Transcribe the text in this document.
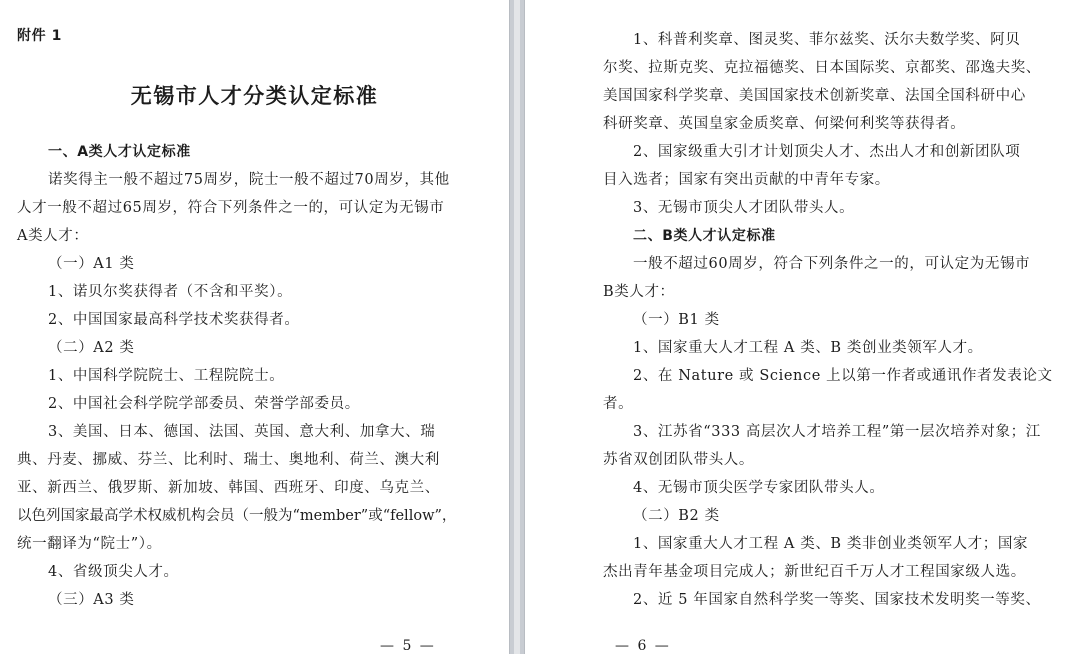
附件 1
无锡市人才分类认定标准
一、A类人才认定标准
诺奖得主一般不超过75周岁，院士一般不超过70周岁，其他
人才一般不超过65周岁，符合下列条件之一的，可认定为无锡市
A类人才：
（一）A1 类
1、诺贝尔奖获得者（不含和平奖）。
2、中国国家最高科学技术奖获得者。
（二）A2 类
1、中国科学院院士、工程院院士。
2、中国社会科学院学部委员、荣誉学部委员。
3、美国、日本、德国、法国、英国、意大利、加拿大、瑞
典、丹麦、挪威、芬兰、比利时、瑞士、奥地利、荷兰、澳大利
亚、新西兰、俄罗斯、新加坡、韩国、西班牙、印度、乌克兰、
以色列国家最高学术权威机构会员（一般为“member”或“fellow”，
统一翻译为“院士”）。
4、省级顶尖人才。
（三）A3 类
— 5 —
1、科普利奖章、图灵奖、菲尔兹奖、沃尔夫数学奖、阿贝
尔奖、拉斯克奖、克拉福德奖、日本国际奖、京都奖、邵逸夫奖、
美国国家科学奖章、美国国家技术创新奖章、法国全国科研中心
科研奖章、英国皇家金质奖章、何梁何利奖等获得者。
2、国家级重大引才计划顶尖人才、杰出人才和创新团队项
目入选者；国家有突出贡献的中青年专家。
3、无锡市顶尖人才团队带头人。
二、B类人才认定标准
一般不超过60周岁，符合下列条件之一的，可认定为无锡市
B类人才：
（一）B1 类
1、国家重大人才工程 A 类、B 类创业类领军人才。
2、在 Nature 或 Science 上以第一作者或通讯作者发表论文
者。
3、江苏省“333 高层次人才培养工程”第一层次培养对象；江
苏省双创团队带头人。
4、无锡市顶尖医学专家团队带头人。
（二）B2 类
1、国家重大人才工程 A 类、B 类非创业类领军人才；国家
杰出青年基金项目完成人；新世纪百千万人才工程国家级人选。
2、近 5 年国家自然科学奖一等奖、国家技术发明奖一等奖、
— 6 —
